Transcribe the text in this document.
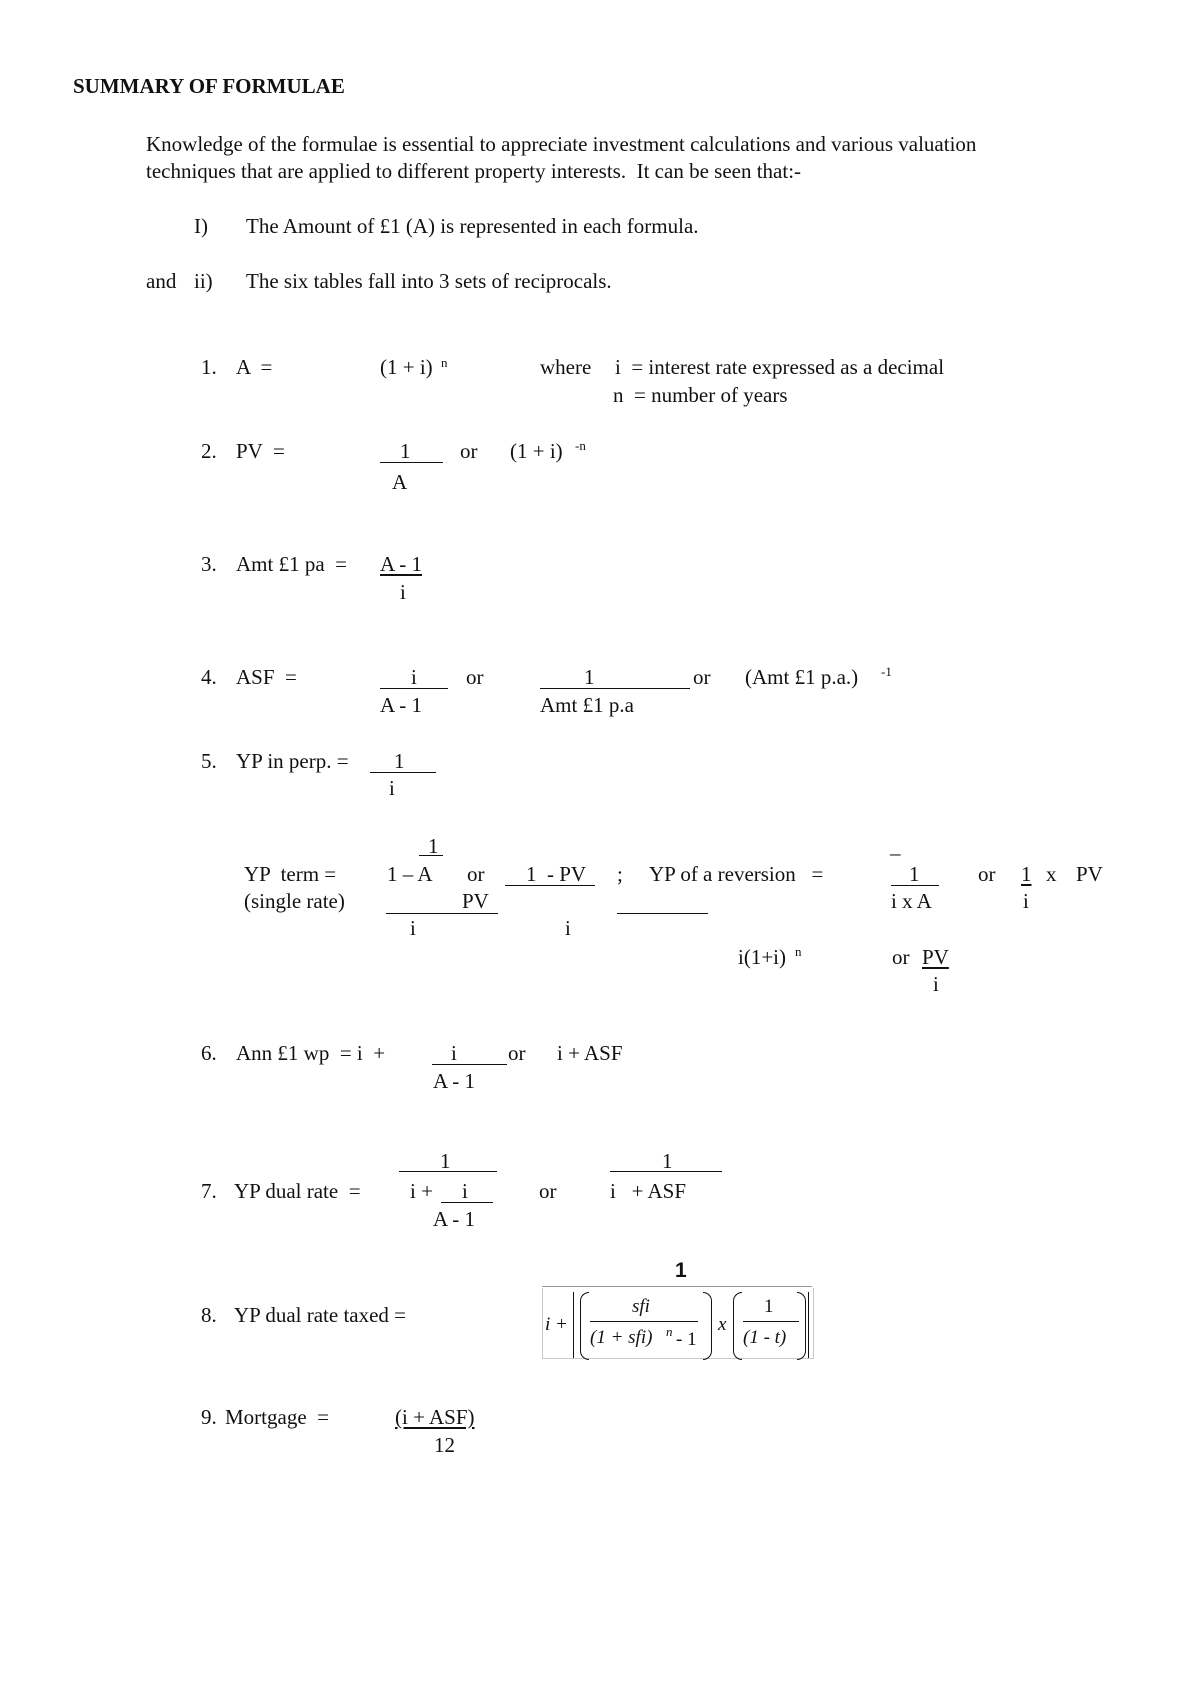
SUMMARY OF FORMULAE
Knowledge of the formulae is essential to appreciate investment calculations and various valuation
techniques that are applied to different property interests.  It can be seen that:-
I) The Amount of £1 (A) is represented in each formula.
and ii) The six tables fall into 3 sets of reciprocals.
1. A  =	(1 + i) n	where i  = interest rate expressed as a decimal
n  = number of years
2. PV  =	1
A
or (1 + i) -n
3. Amt £1 pa  = A - 1
i
4. ASF  =	i
A - 1
or	1
Amt £1 p.a
or (Amt £1 p.a.) -1
5. YP in perp. = 1
i
1
YP  term =
(single rate)
1 – A
PV
i
or 1  - PV
i
; YP of a reversion   =
i(1+i) n
_
1
i x A
or 1 x PV
i
or PV
i
6. Ann £1 wp  = i  +	i
A - 1
or i + ASF
1
7. YP dual rate  = i + i
A - 1
or
1
i   + ASF
8. YP dual rate taxed =
1
i +
sfi
(1 + sfi) n - 1
x
1
(1 - t)
9. Mortgage  =	(i + ASF)
12
